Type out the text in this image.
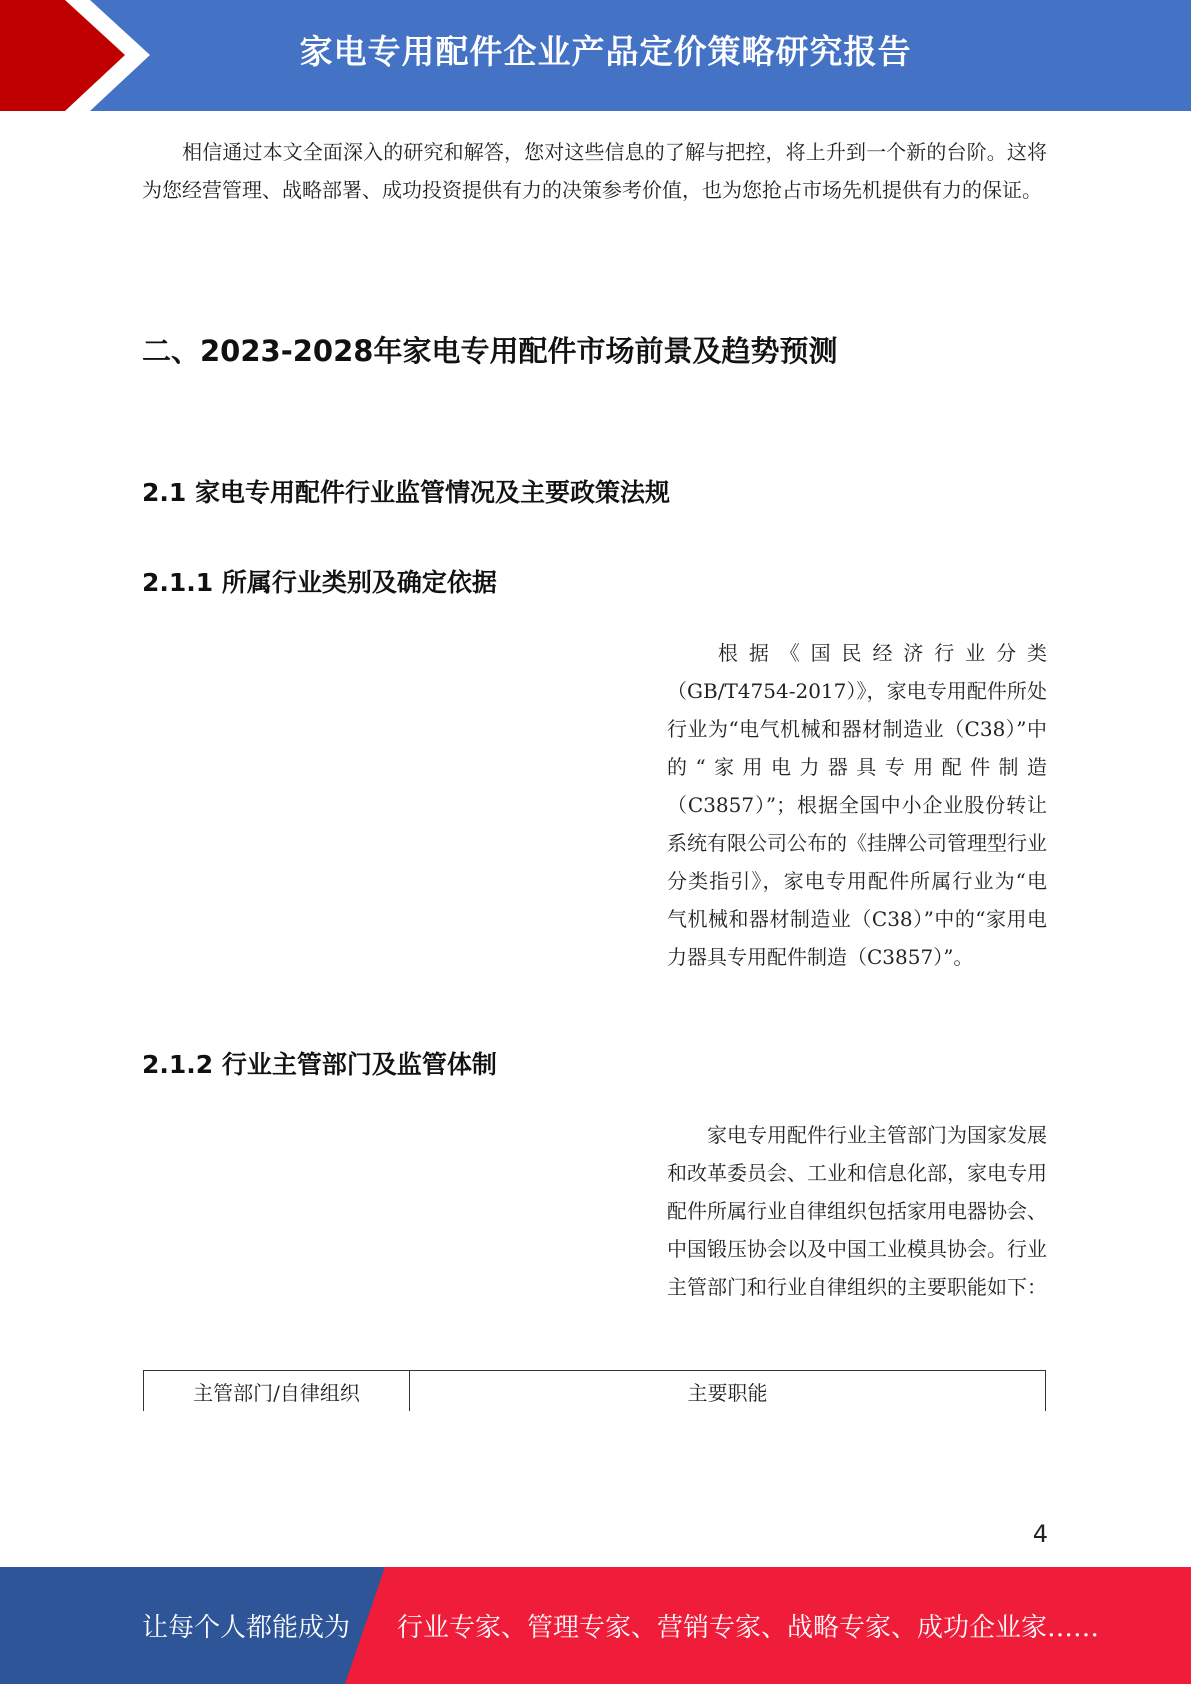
家电专用配件企业产品定价策略研究报告

相信通过本文全面深入的研究和解答，您对这些信息的了解与把控，将上升到一个新的台阶。这将为您经营管理、战略部署、成功投资提供有力的决策参考价值，也为您抢占市场先机提供有力的保证。

二、2023-2028年家电专用配件市场前景及趋势预测
2.1 家电专用配件行业监管情况及主要政策法规
2.1.1 所属行业类别及确定依据

根据《国民经济行业分类（GB/T4754-2017）》，家电专用配件所处行业为“电气机械和器材制造业（C38）”中的“家用电力器具专用配件制造（C3857）”；根据全国中小企业股份转让系统有限公司公布的《挂牌公司管理型行业分类指引》，家电专用配件所属行业为“电气机械和器材制造业（C38）”中的“家用电力器具专用配件制造（C3857）”。

2.1.2 行业主管部门及监管体制

家电专用配件行业主管部门为国家发展和改革委员会、工业和信息化部，家电专用配件所属行业自律组织包括家用电器协会、中国锻压协会以及中国工业模具协会。行业主管部门和行业自律组织的主要职能如下：

主管部门/自律组织	主要职能
4
让每个人都能成为 行业专家、管理专家、营销专家、战略专家、成功企业家……
